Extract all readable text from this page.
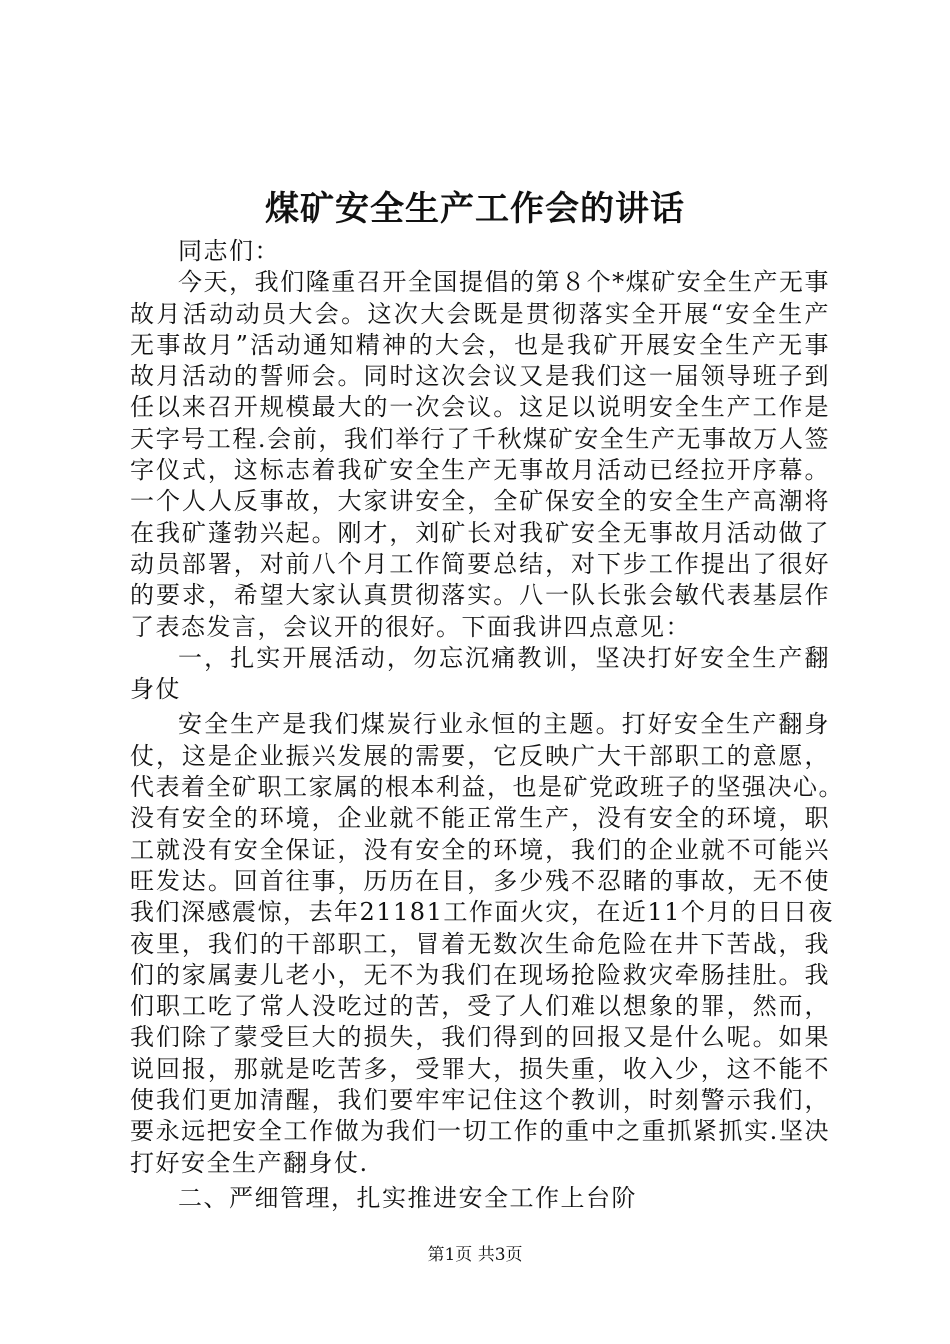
煤矿安全生产工作会的讲话
同志们：
今天，我们隆重召开全国提倡的第８个*煤矿安全生产无事
故月活动动员大会。这次大会既是贯彻落实全开展“安全生产
无事故月”活动通知精神的大会，也是我矿开展安全生产无事
故月活动的誓师会。同时这次会议又是我们这一届领导班子到
任以来召开规模最大的一次会议。这足以说明安全生产工作是
天字号工程.会前，我们举行了千秋煤矿安全生产无事故万人签
字仪式，这标志着我矿安全生产无事故月活动已经拉开序幕。
一个人人反事故，大家讲安全，全矿保安全的安全生产高潮将
在我矿蓬勃兴起。刚才，刘矿长对我矿安全无事故月活动做了
动员部署，对前八个月工作简要总结，对下步工作提出了很好
的要求，希望大家认真贯彻落实。八一队长张会敏代表基层作
了表态发言，会议开的很好。下面我讲四点意见：
一，扎实开展活动，勿忘沉痛教训，坚决打好安全生产翻
身仗
安全生产是我们煤炭行业永恒的主题。打好安全生产翻身
仗，这是企业振兴发展的需要，它反映广大干部职工的意愿，
代表着全矿职工家属的根本利益，也是矿党政班子的坚强决心。
没有安全的环境，企业就不能正常生产，没有安全的环境，职
工就没有安全保证，没有安全的环境，我们的企业就不可能兴
旺发达。回首往事，历历在目，多少残不忍睹的事故，无不使
我们深感震惊，去年21181工作面火灾，在近11个月的日日夜
夜里，我们的干部职工，冒着无数次生命危险在井下苦战，我
们的家属妻儿老小，无不为我们在现场抢险救灾牵肠挂肚。我
们职工吃了常人没吃过的苦，受了人们难以想象的罪，然而，
我们除了蒙受巨大的损失，我们得到的回报又是什么呢。如果
说回报，那就是吃苦多，受罪大，损失重，收入少，这不能不
使我们更加清醒，我们要牢牢记住这个教训，时刻警示我们，
要永远把安全工作做为我们一切工作的重中之重抓紧抓实.坚决
打好安全生产翻身仗.
二、严细管理，扎实推进安全工作上台阶
第1页 共3页
